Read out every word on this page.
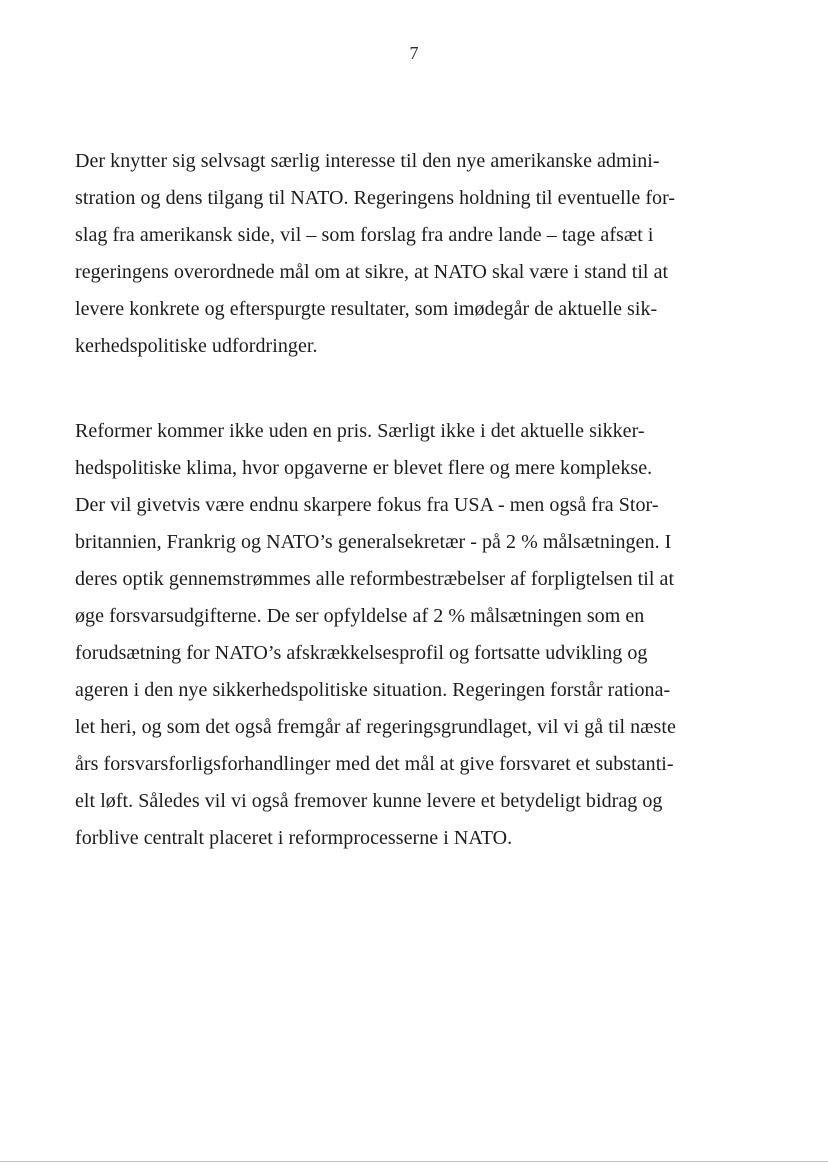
7

Der knytter sig selvsagt særlig interesse til den nye amerikanske admini-
stration og dens tilgang til NATO. Regeringens holdning til eventuelle for-
slag fra amerikansk side, vil – som forslag fra andre lande – tage afsæt i
regeringens overordnede mål om at sikre, at NATO skal være i stand til at
levere konkrete og efterspurgte resultater, som imødegår de aktuelle sik-
kerhedspolitiske udfordringer.

Reformer kommer ikke uden en pris. Særligt ikke i det aktuelle sikker-
hedspolitiske klima, hvor opgaverne er blevet flere og mere komplekse.
Der vil givetvis være endnu skarpere fokus fra USA - men også fra Stor-
britannien, Frankrig og NATO’s generalsekretær - på 2 % målsætningen. I
deres optik gennemstrømmes alle reformbestræbelser af forpligtelsen til at
øge forsvarsudgifterne. De ser opfyldelse af 2 % målsætningen som en
forudsætning for NATO’s afskrækkelsesprofil og fortsatte udvikling og
ageren i den nye sikkerhedspolitiske situation. Regeringen forstår rationa-
let heri, og som det også fremgår af regeringsgrundlaget, vil vi gå til næste
års forsvarsforligsforhandlinger med det mål at give forsvaret et substanti-
elt løft. Således vil vi også fremover kunne levere et betydeligt bidrag og
forblive centralt placeret i reformprocesserne i NATO.
